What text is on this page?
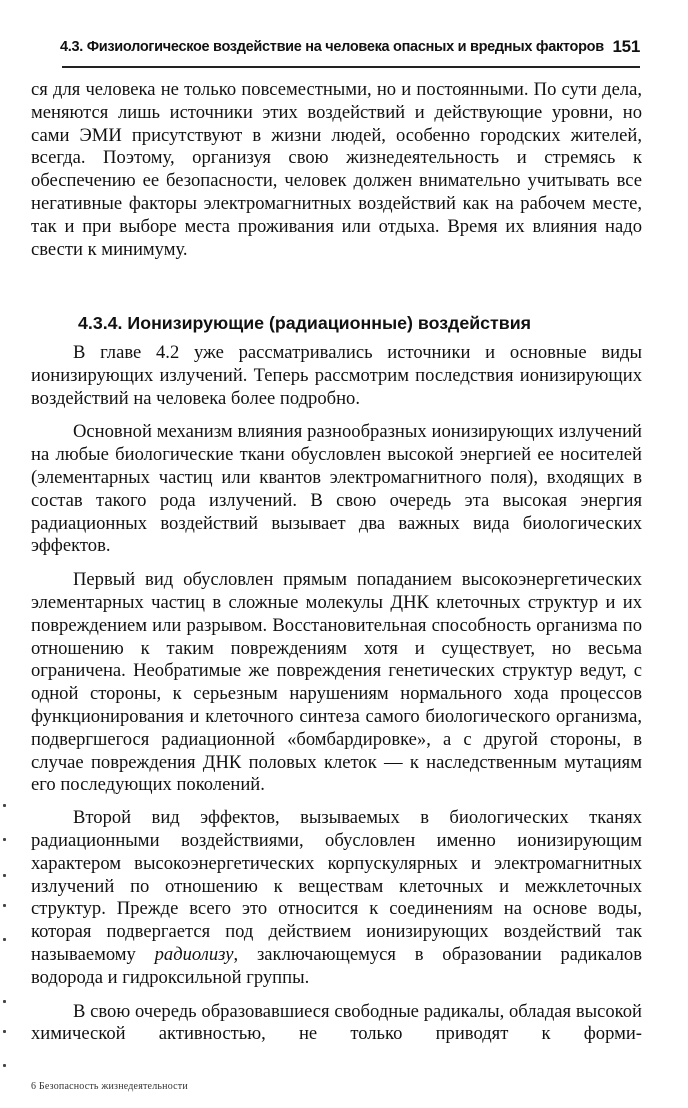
4.3. Физиологическое воздействие на человека опасных и вредных факторов 151

ся для человека не только повсеместными, но и постоянными. По сути дела, меняются лишь источники этих воздействий и действующие уровни, но сами ЭМИ присутствуют в жизни людей, особенно городских жителей, всегда. Поэтому, организуя свою жизнедеятельность и стремясь к обеспечению ее безопасности, человек должен внимательно учитывать все негативные факторы электромагнитных воздействий как на рабочем месте, так и при выборе места проживания или отдыха. Время их влияния надо свести к минимуму.

4.3.4. Ионизирующие (радиационные) воздействия

В главе 4.2 уже рассматривались источники и основные виды ионизирующих излучений. Теперь рассмотрим последствия ионизирующих воздействий на человека более подробно.

Основной механизм влияния разнообразных ионизирующих излучений на любые биологические ткани обусловлен высокой энергией ее носителей (элементарных частиц или квантов электромагнитного поля), входящих в состав такого рода излучений. В свою очередь эта высокая энергия радиационных воздействий вызывает два важных вида биологических эффектов.

Первый вид обусловлен прямым попаданием высокоэнергетических элементарных частиц в сложные молекулы ДНК клеточных структур и их повреждением или разрывом. Восстановительная способность организма по отношению к таким повреждениям хотя и существует, но весьма ограничена. Необратимые же повреждения генетических структур ведут, с одной стороны, к серьезным нарушениям нормального хода процессов функционирования и клеточного синтеза самого биологического организма, подвергшегося радиационной «бомбардировке», а с другой стороны, в случае повреждения ДНК половых клеток — к наследственным мутациям его последующих поколений.

Второй вид эффектов, вызываемых в биологических тканях радиационными воздействиями, обусловлен именно ионизирующим характером высокоэнергетических корпускулярных и электромагнитных излучений по отношению к веществам клеточных и межклеточных структур. Прежде всего это относится к соединениям на основе воды, которая подвергается под действием ионизирующих воздействий так называемому радиолизу, заключающемуся в образовании радикалов водорода и гидроксильной группы.

В свою очередь образовавшиеся свободные радикалы, обладая высокой химической активностью, не только приводят к форми-

6 Безопасность жизнедеятельности
